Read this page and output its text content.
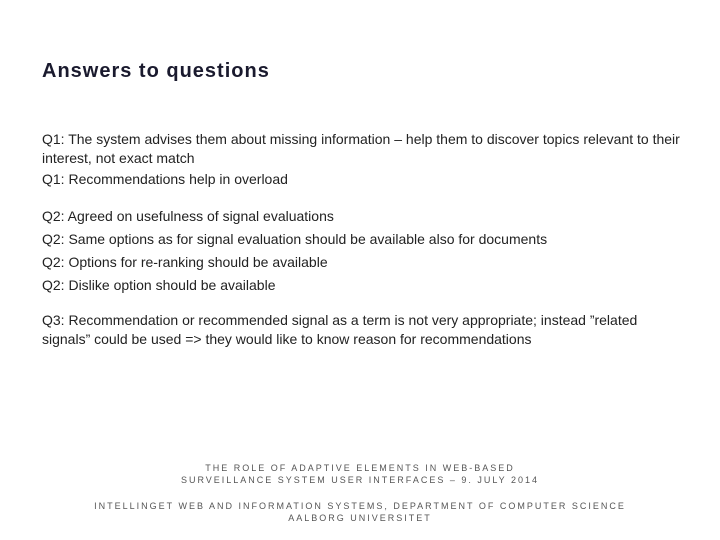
Answers to questions
Q1: The system advises them about missing information – help them to discover topics relevant to their interest, not exact match
Q1: Recommendations help in overload
Q2: Agreed on usefulness of signal evaluations
Q2: Same options as for signal evaluation should be available also for documents
Q2: Options for re-ranking should be available
Q2: Dislike option should be available
Q3: Recommendation or recommended signal as a term is not very appropriate; instead ”related signals” could be used => they would like to know reason for recommendations
THE ROLE OF ADAPTIVE ELEMENTS IN WEB-BASED
SURVEILLANCE SYSTEM USER INTERFACES – 9. JULY 2014
INTELLINGET WEB AND INFORMATION SYSTEMS, DEPARTMENT OF COMPUTER SCIENCE
AALBORG UNIVERSITET
